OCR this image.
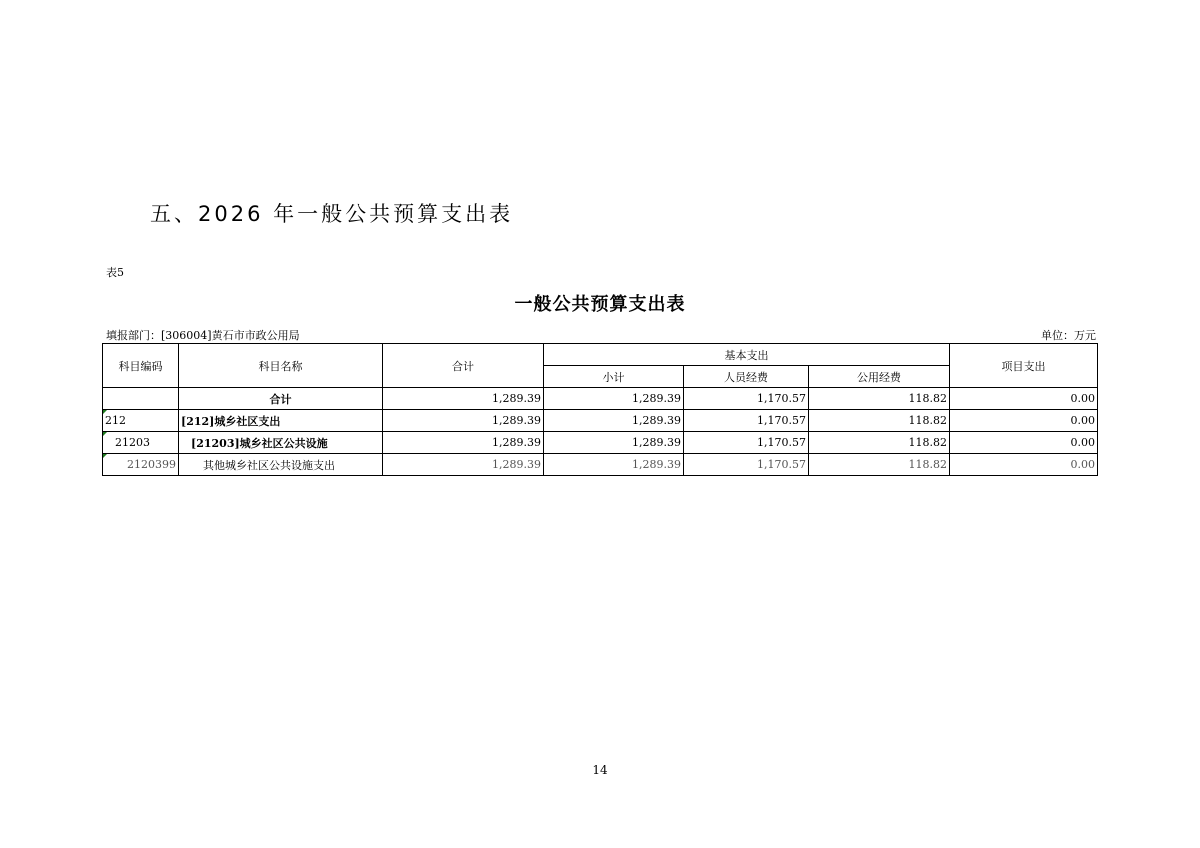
五、2026 年一般公共预算支出表
表5
一般公共预算支出表
填报部门：[306004]黄石市市政公用局	单位：万元
科目编码	科目名称	合计	基本支出			项目支出
			小计	人员经费	公用经费	
	合计	1,289.39	1,289.39	1,170.57	118.82	0.00
212	[212]城乡社区支出	1,289.39	1,289.39	1,170.57	118.82	0.00
21203	[21203]城乡社区公共设施	1,289.39	1,289.39	1,170.57	118.82	0.00
2120399	其他城乡社区公共设施支出	1,289.39	1,289.39	1,170.57	118.82	0.00
14
